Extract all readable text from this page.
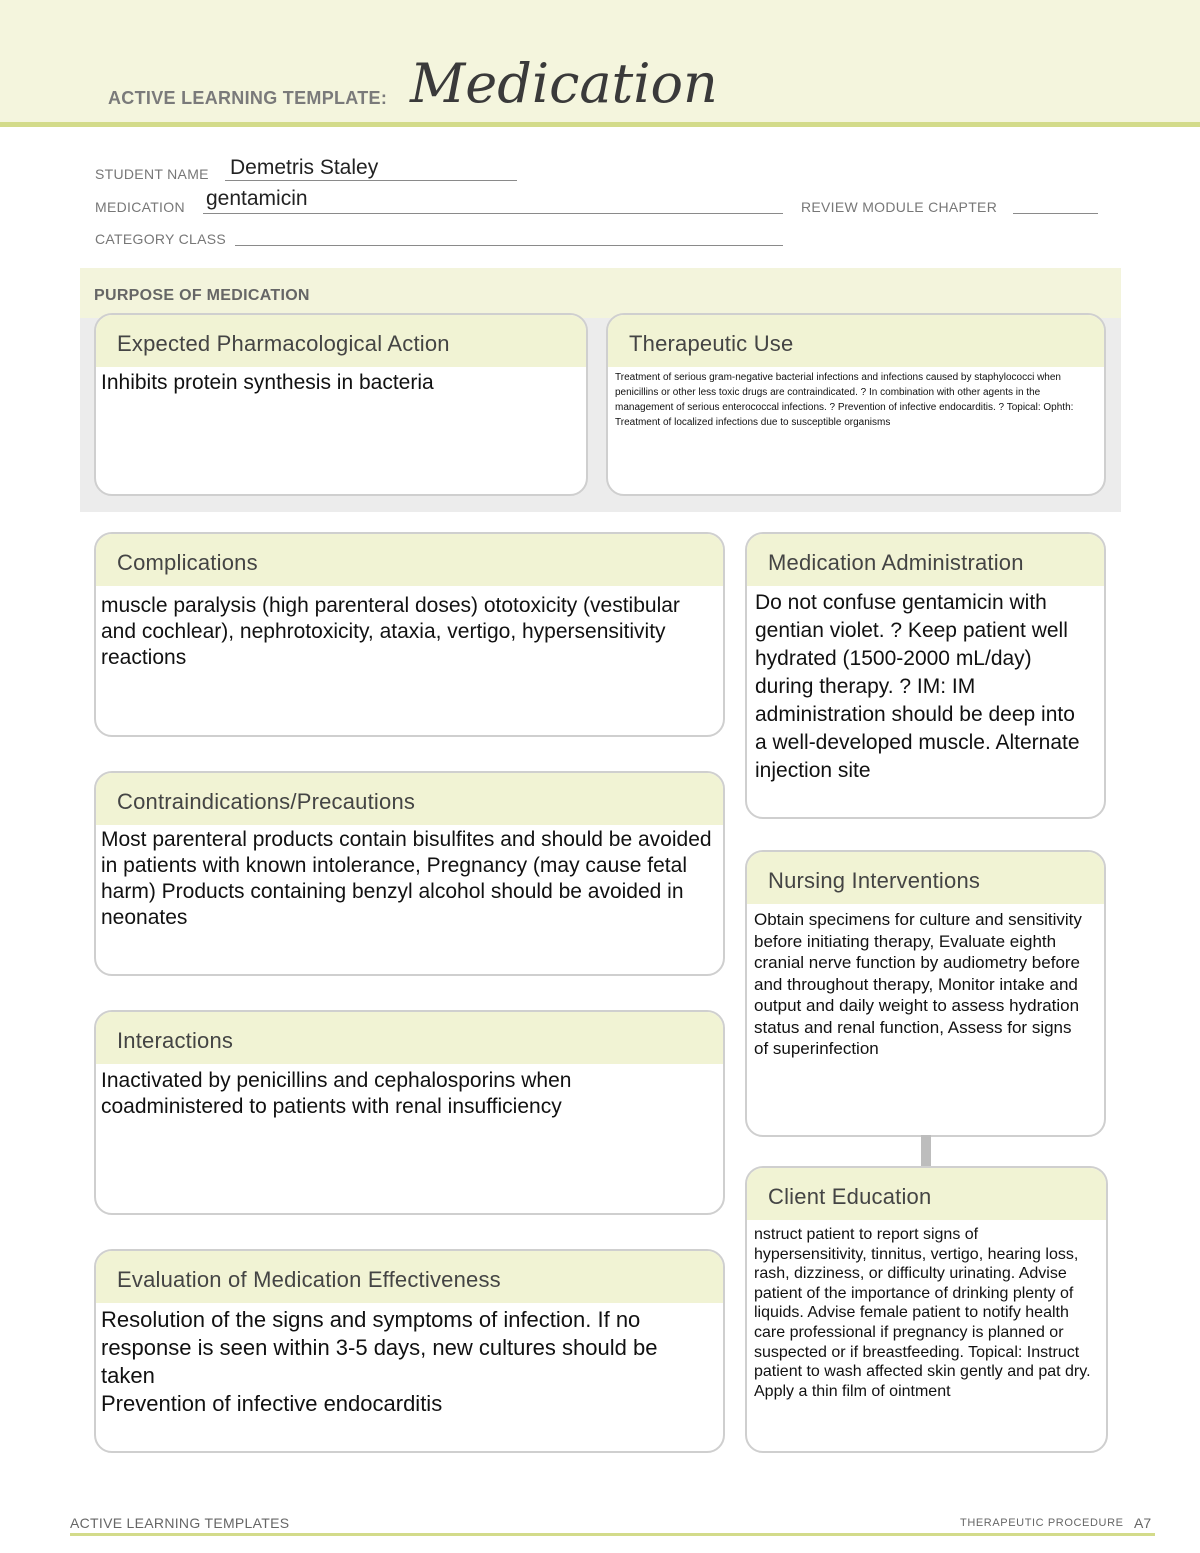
ACTIVE LEARNING TEMPLATE: Medication
STUDENT NAME Demetris Staley
MEDICATION gentamicin	REVIEW MODULE CHAPTER
CATEGORY CLASS
PURPOSE OF MEDICATION
Expected Pharmacological Action
Inhibits protein synthesis in bacteria
Therapeutic Use
Treatment of serious gram-negative bacterial infections and infections caused by staphylococci when penicillins or other less toxic drugs are contraindicated. ? In combination with other agents in the management of serious enterococcal infections. ? Prevention of infective endocarditis. ? Topical: Ophth: Treatment of localized infections due to susceptible organisms
Complications
muscle paralysis (high parenteral doses) ototoxicity (vestibular and cochlear), nephrotoxicity, ataxia, vertigo, hypersensitivity reactions
Contraindications/Precautions
Most parenteral products contain bisulfites and should be avoided in patients with known intolerance, Pregnancy (may cause fetal harm) Products containing benzyl alcohol should be avoided in neonates
Interactions
Inactivated by penicillins and cephalosporins when coadministered to patients with renal insufficiency
Evaluation of Medication Effectiveness
Resolution of the signs and symptoms of infection. If no response is seen within 3-5 days, new cultures should be taken
Prevention of infective endocarditis
Medication Administration
Do not confuse gentamicin with gentian violet. ? Keep patient well hydrated (1500-2000 mL/day) during therapy. ? IM: IM administration should be deep into a well-developed muscle. Alternate injection site
Nursing Interventions
Obtain specimens for culture and sensitivity before initiating therapy, Evaluate eighth cranial nerve function by audiometry before and throughout therapy, Monitor intake and output and daily weight to assess hydration status and renal function, Assess for signs of superinfection
Client Education
nstruct patient to report signs of hypersensitivity, tinnitus, vertigo, hearing loss, rash, dizziness, or difficulty urinating. Advise patient of the importance of drinking plenty of liquids. Advise female patient to notify health care professional if pregnancy is planned or suspected or if breastfeeding. Topical: Instruct patient to wash affected skin gently and pat dry. Apply a thin film of ointment
ACTIVE LEARNING TEMPLATES	THERAPEUTIC PROCEDURE A7
